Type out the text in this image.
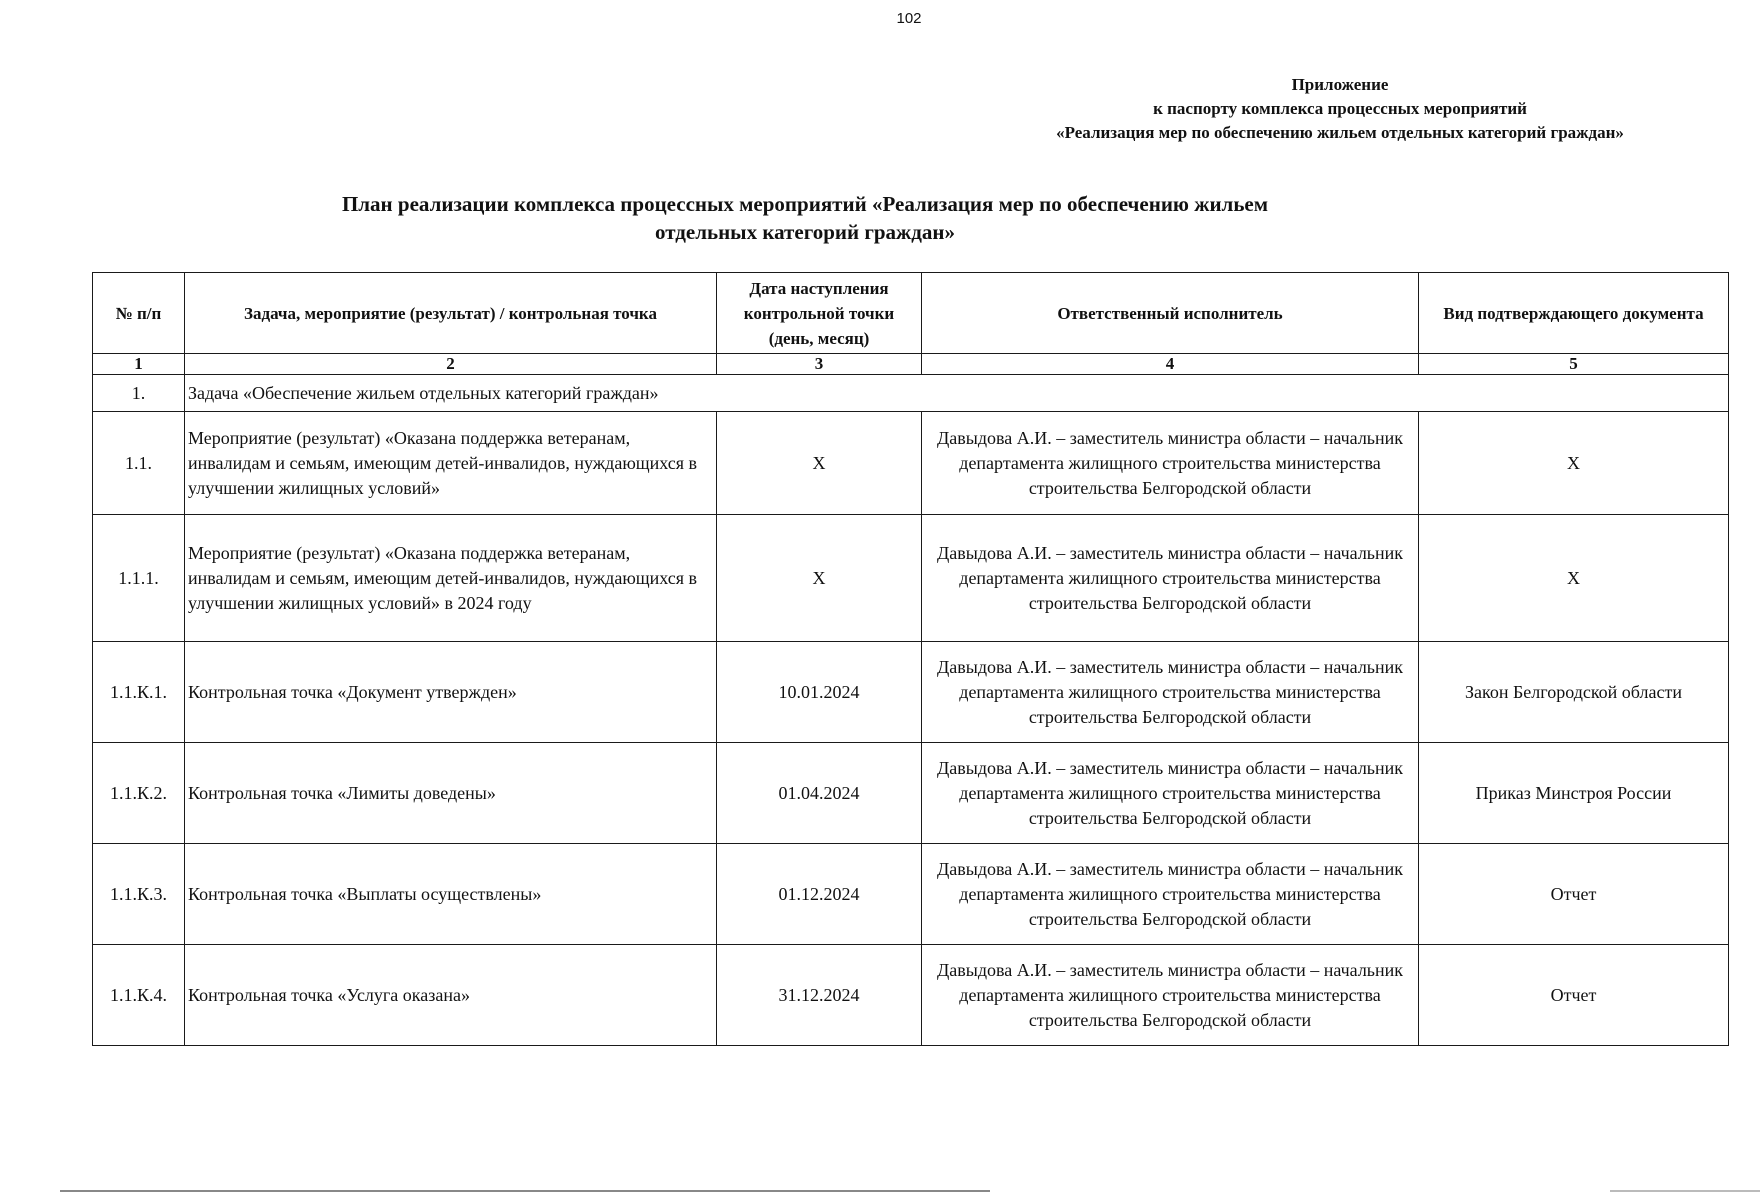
102
Приложение
к паспорту комплекса процессных мероприятий
«Реализация мер по обеспечению жильем отдельных категорий граждан»
План реализации комплекса процессных мероприятий «Реализация мер по обеспечению жильем
отдельных категорий граждан»
№ п/п	Задача, мероприятие (результат) / контрольная точка	Дата наступления контрольной точки (день, месяц)	Ответственный исполнитель	Вид подтверждающего документа
1	2	3	4	5
1.	Задача «Обеспечение жильем отдельных категорий граждан»			
1.1.	Мероприятие (результат) «Оказана поддержка ветеранам, инвалидам и семьям, имеющим детей-инвалидов, нуждающихся в улучшении жилищных условий»	X	Давыдова А.И. – заместитель министра области – начальник департамента жилищного строительства министерства строительства Белгородской области	X
1.1.1.	Мероприятие (результат) «Оказана поддержка ветеранам, инвалидам и семьям, имеющим детей-инвалидов, нуждающихся в улучшении жилищных условий» в 2024 году	X	Давыдова А.И. – заместитель министра области – начальник департамента жилищного строительства министерства строительства Белгородской области	X
1.1.К.1.	Контрольная точка «Документ утвержден»	10.01.2024	Давыдова А.И. – заместитель министра области – начальник департамента жилищного строительства министерства строительства Белгородской области	Закон Белгородской области
1.1.К.2.	Контрольная точка «Лимиты доведены»	01.04.2024	Давыдова А.И. – заместитель министра области – начальник департамента жилищного строительства министерства строительства Белгородской области	Приказ Минстроя России
1.1.К.3.	Контрольная точка «Выплаты осуществлены»	01.12.2024	Давыдова А.И. – заместитель министра области – начальник департамента жилищного строительства министерства строительства Белгородской области	Отчет
1.1.К.4.	Контрольная точка «Услуга оказана»	31.12.2024	Давыдова А.И. – заместитель министра области – начальник департамента жилищного строительства министерства строительства Белгородской области	Отчет
